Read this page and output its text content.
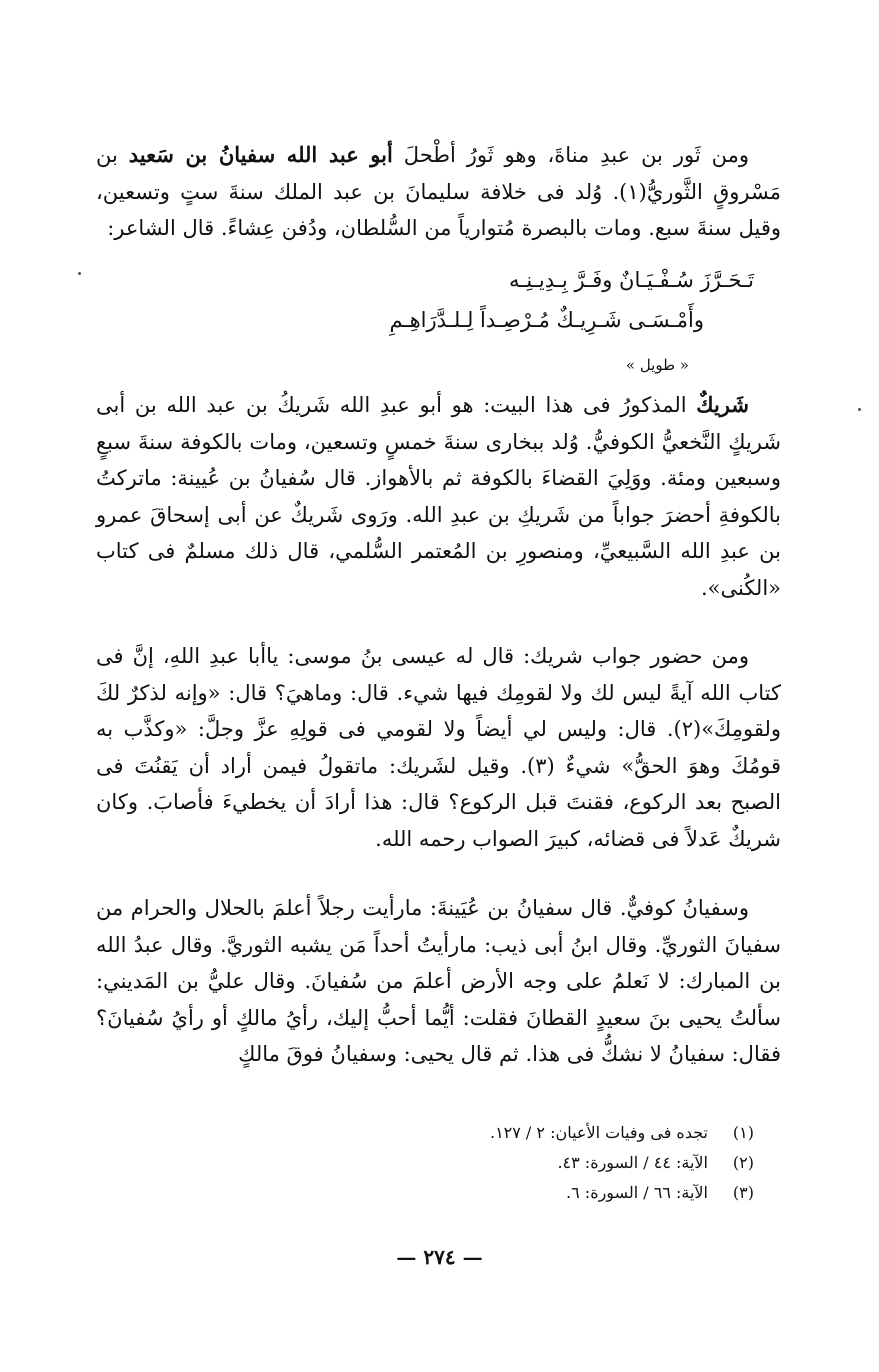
ومن ثَور بن عبدِ مناةَ، وهو ثَورُ أطْحلَ أبو عبد الله سفيانُ بن سَعيد بن مَسْروقٍ الثَّوريُّ(١). وُلد فى خلافة سليمانَ بن عبد الملك سنةَ ستٍ وتسعين، وقيل سنةَ سبع. ومات بالبصرة مُتوارياً من السُّلطان، ودُفن عِشاءً. قال الشاعر:

تَـحَـرَّزَ سُـفْـيَـانٌ وفَـرَّ بِـدِيـنِـه
وأَمْـسَـى شَـرِيـكٌ مُـرْصِـداً لِـلـدَّرَاهِـمِ
« طويل »

شَريكٌ المذكورُ فى هذا البيت: هو أبو عبدِ الله شَريكُ بن عبد الله بن أبى شَريكٍ النَّخعيُّ الكوفيُّ. وُلد ببخارى سنةَ خمسٍ وتسعين، ومات بالكوفة سنةَ سبعٍ وسبعين ومئة. ووَلِيَ القضاءَ بالكوفة ثم بالأهواز. قال سُفيانُ بن عُيينة: ماتركتُ بالكوفةِ أحضرَ جواباً من شَريكِ بن عبدِ الله. ورَوى شَريكٌ عن أبى إسحاقَ عمرو بن عبدِ الله السَّبيعيِّ، ومنصورِ بن المُعتمر السُّلمي، قال ذلك مسلمٌ فى كتاب «الكُنى».

ومن حضور جواب شريك: قال له عيسى بنُ موسى: ياأبا عبدِ اللهِ، إنَّ فى كتاب الله آيةً ليس لك ولا لقومِك فيها شيء. قال: وماهيَ؟ قال: «وإنه لذكرٌ لكَ ولقومِكَ»(٢). قال: وليس لي أيضاً ولا لقومي فى قولِهِ عزَّ وجلَّ: «وكذَّب به قومُكَ وهوَ الحقُّ» شيءٌ (٣). وقيل لشَريك: ماتقولُ فيمن أراد أن يَقنُتَ فى الصبح بعد الركوع، فقنتَ قبل الركوع؟ قال: هذا أرادَ أن يخطيءَ فأصابَ. وكان شريكٌ عَدلاً فى قضائه، كبيرَ الصواب رحمه الله.

وسفيانُ كوفيٌّ. قال سفيانُ بن عُيَينةَ: مارأيت رجلاً أعلمَ بالحلال والحرام من سفيانَ الثوريِّ. وقال ابنُ أبى ذيب: مارأيتُ أحداً مَن يشبه الثوريَّ. وقال عبدُ الله بن المبارك: لا نَعلمُ على وجه الأرض أعلمَ من سُفيانَ. وقال عليُّ بن المَديني: سألتُ يحيى بنَ سعيدٍ القطانَ فقلت: أيُّما أحبُّ إليك، رأيُ مالكٍ أو رأيُ سُفيانَ؟ فقال: سفيانُ لا نشكُّ فى هذا. ثم قال يحيى: وسفيانُ فوقَ مالكٍ

(١)
تجده فى وفيات الأعيان: ٢ / ١٢٧.
(٢)
الآية: ٤٤ / السورة: ٤٣.
(٣)
الآية: ٦٦ / السورة: ٦.
— ٢٧٤ —
